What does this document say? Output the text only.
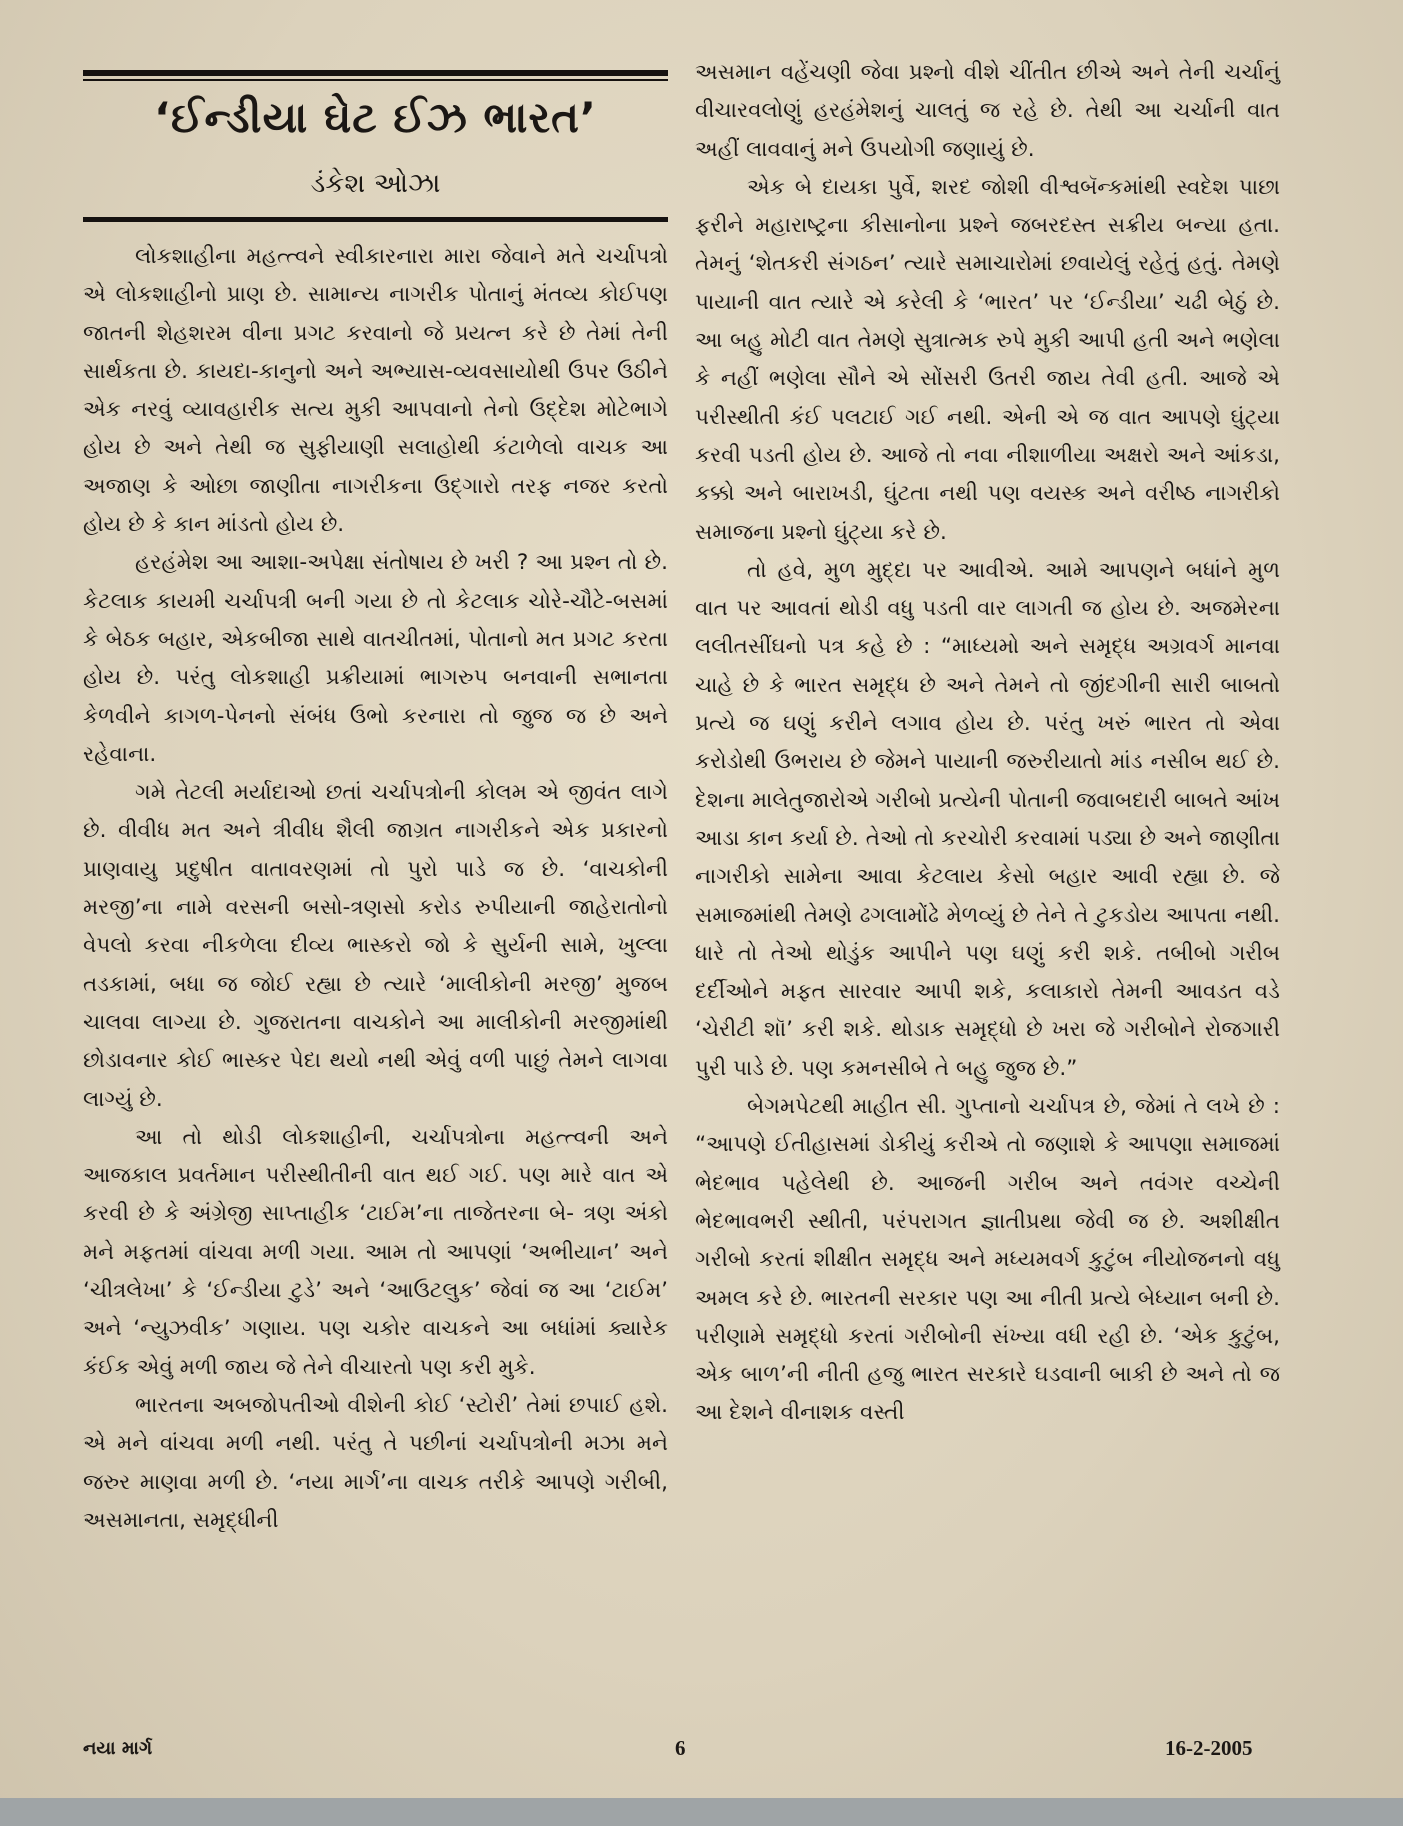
‘ઈન્ડીયા ઘેટ ઈઝ ભારત’
ડંકેશ ઓઝા

લોકશાહીના મહત્ત્વને સ્વીકારનારા મારા જેવાને મતે ચર્ચાપત્રો એ લોકશાહીનો પ્રાણ છે. સામાન્ય નાગરીક પોતાનું મંતવ્ય કોઈપણ જાતની શેહશરમ વીના પ્રગટ કરવાનો જે પ્રયત્ન કરે છે તેમાં તેની સાર્થકતા છે. કાયદા-કાનુનો અને અભ્યાસ-વ્યવસાયોથી ઉપર ઉઠીને એક નરવું વ્યાવહારીક સત્ય મુકી આપવાનો તેનો ઉદ્દેશ મોટેભાગે હોય છે અને તેથી જ સુફીયાણી સલાહોથી કંટાળેલો વાચક આ અજાણ કે ઓછા જાણીતા નાગરીકના ઉદ્ગારો તરફ નજર કરતો હોય છે કે કાન માંડતો હોય છે.

હરહંમેશ આ આશા-અપેક્ષા સંતોષાય છે ખરી ? આ પ્રશ્ન તો છે. કેટલાક કાયમી ચર્ચાપત્રી બની ગયા છે તો કેટલાક ચોરે-ચૌટે-બસમાં કે બેઠક બહાર, એકબીજા સાથે વાતચીતમાં, પોતાનો મત પ્રગટ કરતા હોય છે. પરંતુ લોકશાહી પ્રક્રીયામાં ભાગરુપ બનવાની સભાનતા કેળવીને કાગળ-પેનનો સંબંધ ઉભો કરનારા તો જુજ જ છે અને રહેવાના.

ગમે તેટલી મર્યાદાઓ છતાં ચર્ચાપત્રોની કોલમ એ જીવંત લાગે છે. વીવીધ મત અને ત્રીવીધ શૈલી જાગ્રત નાગરીકને એક પ્રકારનો પ્રાણવાયુ પ્રદુષીત વાતાવરણમાં તો પુરો પાડે જ છે. ‘વાચકોની મરજી’ના નામે વરસની બસો-ત્રણસો કરોડ રુપીયાની જાહેરાતોનો વેપલો કરવા નીકળેલા દીવ્ય ભાસ્કરો જો કે સુર્યની સામે, ખુલ્લા તડકામાં, બધા જ જોઈ રહ્યા છે ત્યારે ‘માલીકોની મરજી’ મુજબ ચાલવા લાગ્યા છે. ગુજરાતના વાચકોને આ માલીકોની મરજીમાંથી છોડાવનાર કોઈ ભાસ્કર પેદા થયો નથી એવું વળી પાછું તેમને લાગવા લાગ્યું છે.

આ તો થોડી લોકશાહીની, ચર્ચાપત્રોના મહત્ત્વની અને આજકાલ પ્રવર્તમાન પરીસ્થીતીની વાત થઈ ગઈ. પણ મારે વાત એ કરવી છે કે અંગ્રેજી સાપ્તાહીક ‘ટાઈમ’ના તાજેતરના બે- ત્રણ અંકો મને મફતમાં વાંચવા મળી ગયા. આમ તો આપણાં ‘અભીયાન’ અને ‘ચીત્રલેખા’ કે ‘ઈન્ડીયા ટુડે’ અને ‘આઉટલુક’ જેવાં જ આ ‘ટાઈમ’ અને ‘ન્યુઝવીક’ ગણાય. પણ ચકોર વાચકને આ બધાંમાં ક્યારેક કંઈક એવું મળી જાય જે તેને વીચારતો પણ કરી મુકે.

ભારતના અબજોપતીઓ વીશેની કોઈ ‘સ્ટોરી’ તેમાં છપાઈ હશે. એ મને વાંચવા મળી નથી. પરંતુ તે પછીનાં ચર્ચાપત્રોની મઝા મને જરુર માણવા મળી છે. ‘નયા માર્ગ’ના વાચક તરીકે આપણે ગરીબી, અસમાનતા, સમૃદ્ધીની

અસમાન વહેંચણી જેવા પ્રશ્નો વીશે ચીંતીત છીએ અને તેની ચર્ચાનું વીચારવલોણું હરહંમેશનું ચાલતું જ રહે છે. તેથી આ ચર્ચાની વાત અહીં લાવવાનું મને ઉપયોગી જણાયું છે.

એક બે દાયકા પુર્વે, શરદ જોશી વીશ્વબૅન્કમાંથી સ્વદેશ પાછા ફરીને મહારાષ્ટ્રના કીસાનોના પ્રશ્ને જબરદસ્ત સક્રીય બન્યા હતા. તેમનું ‘શેતકરી સંગઠન’ ત્યારે સમાચારોમાં છવાયેલું રહેતું હતું. તેમણે પાયાની વાત ત્યારે એ કરેલી કે ‘ભારત’ પર ‘ઈન્ડીયા’ ચઢી બેઠું છે. આ બહુ મોટી વાત તેમણે સુત્રાત્મક રુપે મુકી આપી હતી અને ભણેલા કે નહીં ભણેલા સૌને એ સોંસરી ઉતરી જાય તેવી હતી. આજે એ પરીસ્થીતી કંઈ પલટાઈ ગઈ નથી. એની એ જ વાત આપણે ઘુંટ્યા કરવી પડતી હોય છે. આજે તો નવા નીશાળીયા અક્ષરો અને આંકડા, કક્કો અને બારાખડી, ઘુંટતા નથી પણ વયસ્ક અને વરીષ્ઠ નાગરીકો સમાજના પ્રશ્નો ઘુંટ્યા કરે છે.

તો હવે, મુળ મુદ્દા પર આવીએ. આમે આપણને બધાંને મુળ વાત પર આવતાં થોડી વધુ પડતી વાર લાગતી જ હોય છે. અજમેરના લલીતસીંઘનો પત્ર કહે છે : “માધ્યમો અને સમૃદ્ધ અગ્રવર્ગ માનવા ચાહે છે કે ભારત સમૃદ્ધ છે અને તેમને તો જીંદગીની સારી બાબતો પ્રત્યે જ ઘણું કરીને લગાવ હોય છે. પરંતુ ખરું ભારત તો એવા કરોડોથી ઉભરાય છે જેમને પાયાની જરુરીયાતો માંડ નસીબ થઈ છે. દેશના માલેતુજારોએ ગરીબો પ્રત્યેની પોતાની જવાબદારી બાબતે આંખ આડા કાન કર્યા છે. તેઓ તો કરચોરી કરવામાં પડ્યા છે અને જાણીતા નાગરીકો સામેના આવા કેટલાય કેસો બહાર આવી રહ્યા છે. જે સમાજમાંથી તેમણે ઢગલામોંઢે મેળવ્યું છે તેને તે ટુકડોય આપતા નથી. ધારે તો તેઓ થોડુંક આપીને પણ ઘણું કરી શકે. તબીબો ગરીબ દર્દીઓને મફત સારવાર આપી શકે, કલાકારો તેમની આવડત વડે ‘ચેરીટી શૉ’ કરી શકે. થોડાક સમૃદ્ધો છે ખરા જે ગરીબોને રોજગારી પુરી પાડે છે. પણ કમનસીબે તે બહુ જુજ છે.”

બેગમપેટથી માહીત સી. ગુપ્તાનો ચર્ચાપત્ર છે, જેમાં તે લખે છે : “આપણે ઈતીહાસમાં ડોકીયું કરીએ તો જણાશે કે આપણા સમાજમાં ભેદભાવ પહેલેથી છે. આજની ગરીબ અને તવંગર વચ્ચેની ભેદભાવભરી સ્થીતી, પરંપરાગત જ્ઞાતીપ્રથા જેવી જ છે. અશીક્ષીત ગરીબો કરતાં શીક્ષીત સમૃદ્ધ અને મધ્યમવર્ગ કુટુંબ નીયોજનનો વધુ અમલ કરે છે. ભારતની સરકાર પણ આ નીતી પ્રત્યે બેધ્યાન બની છે. પરીણામે સમૃદ્ધો કરતાં ગરીબોની સંખ્યા વધી રહી છે. ‘એક કુટુંબ, એક બાળ’ની નીતી હજુ ભારત સરકારે ઘડવાની બાકી છે અને તો જ આ દેશને વીનાશક વસ્તી

નયા માર્ગ	6	16-2-2005
